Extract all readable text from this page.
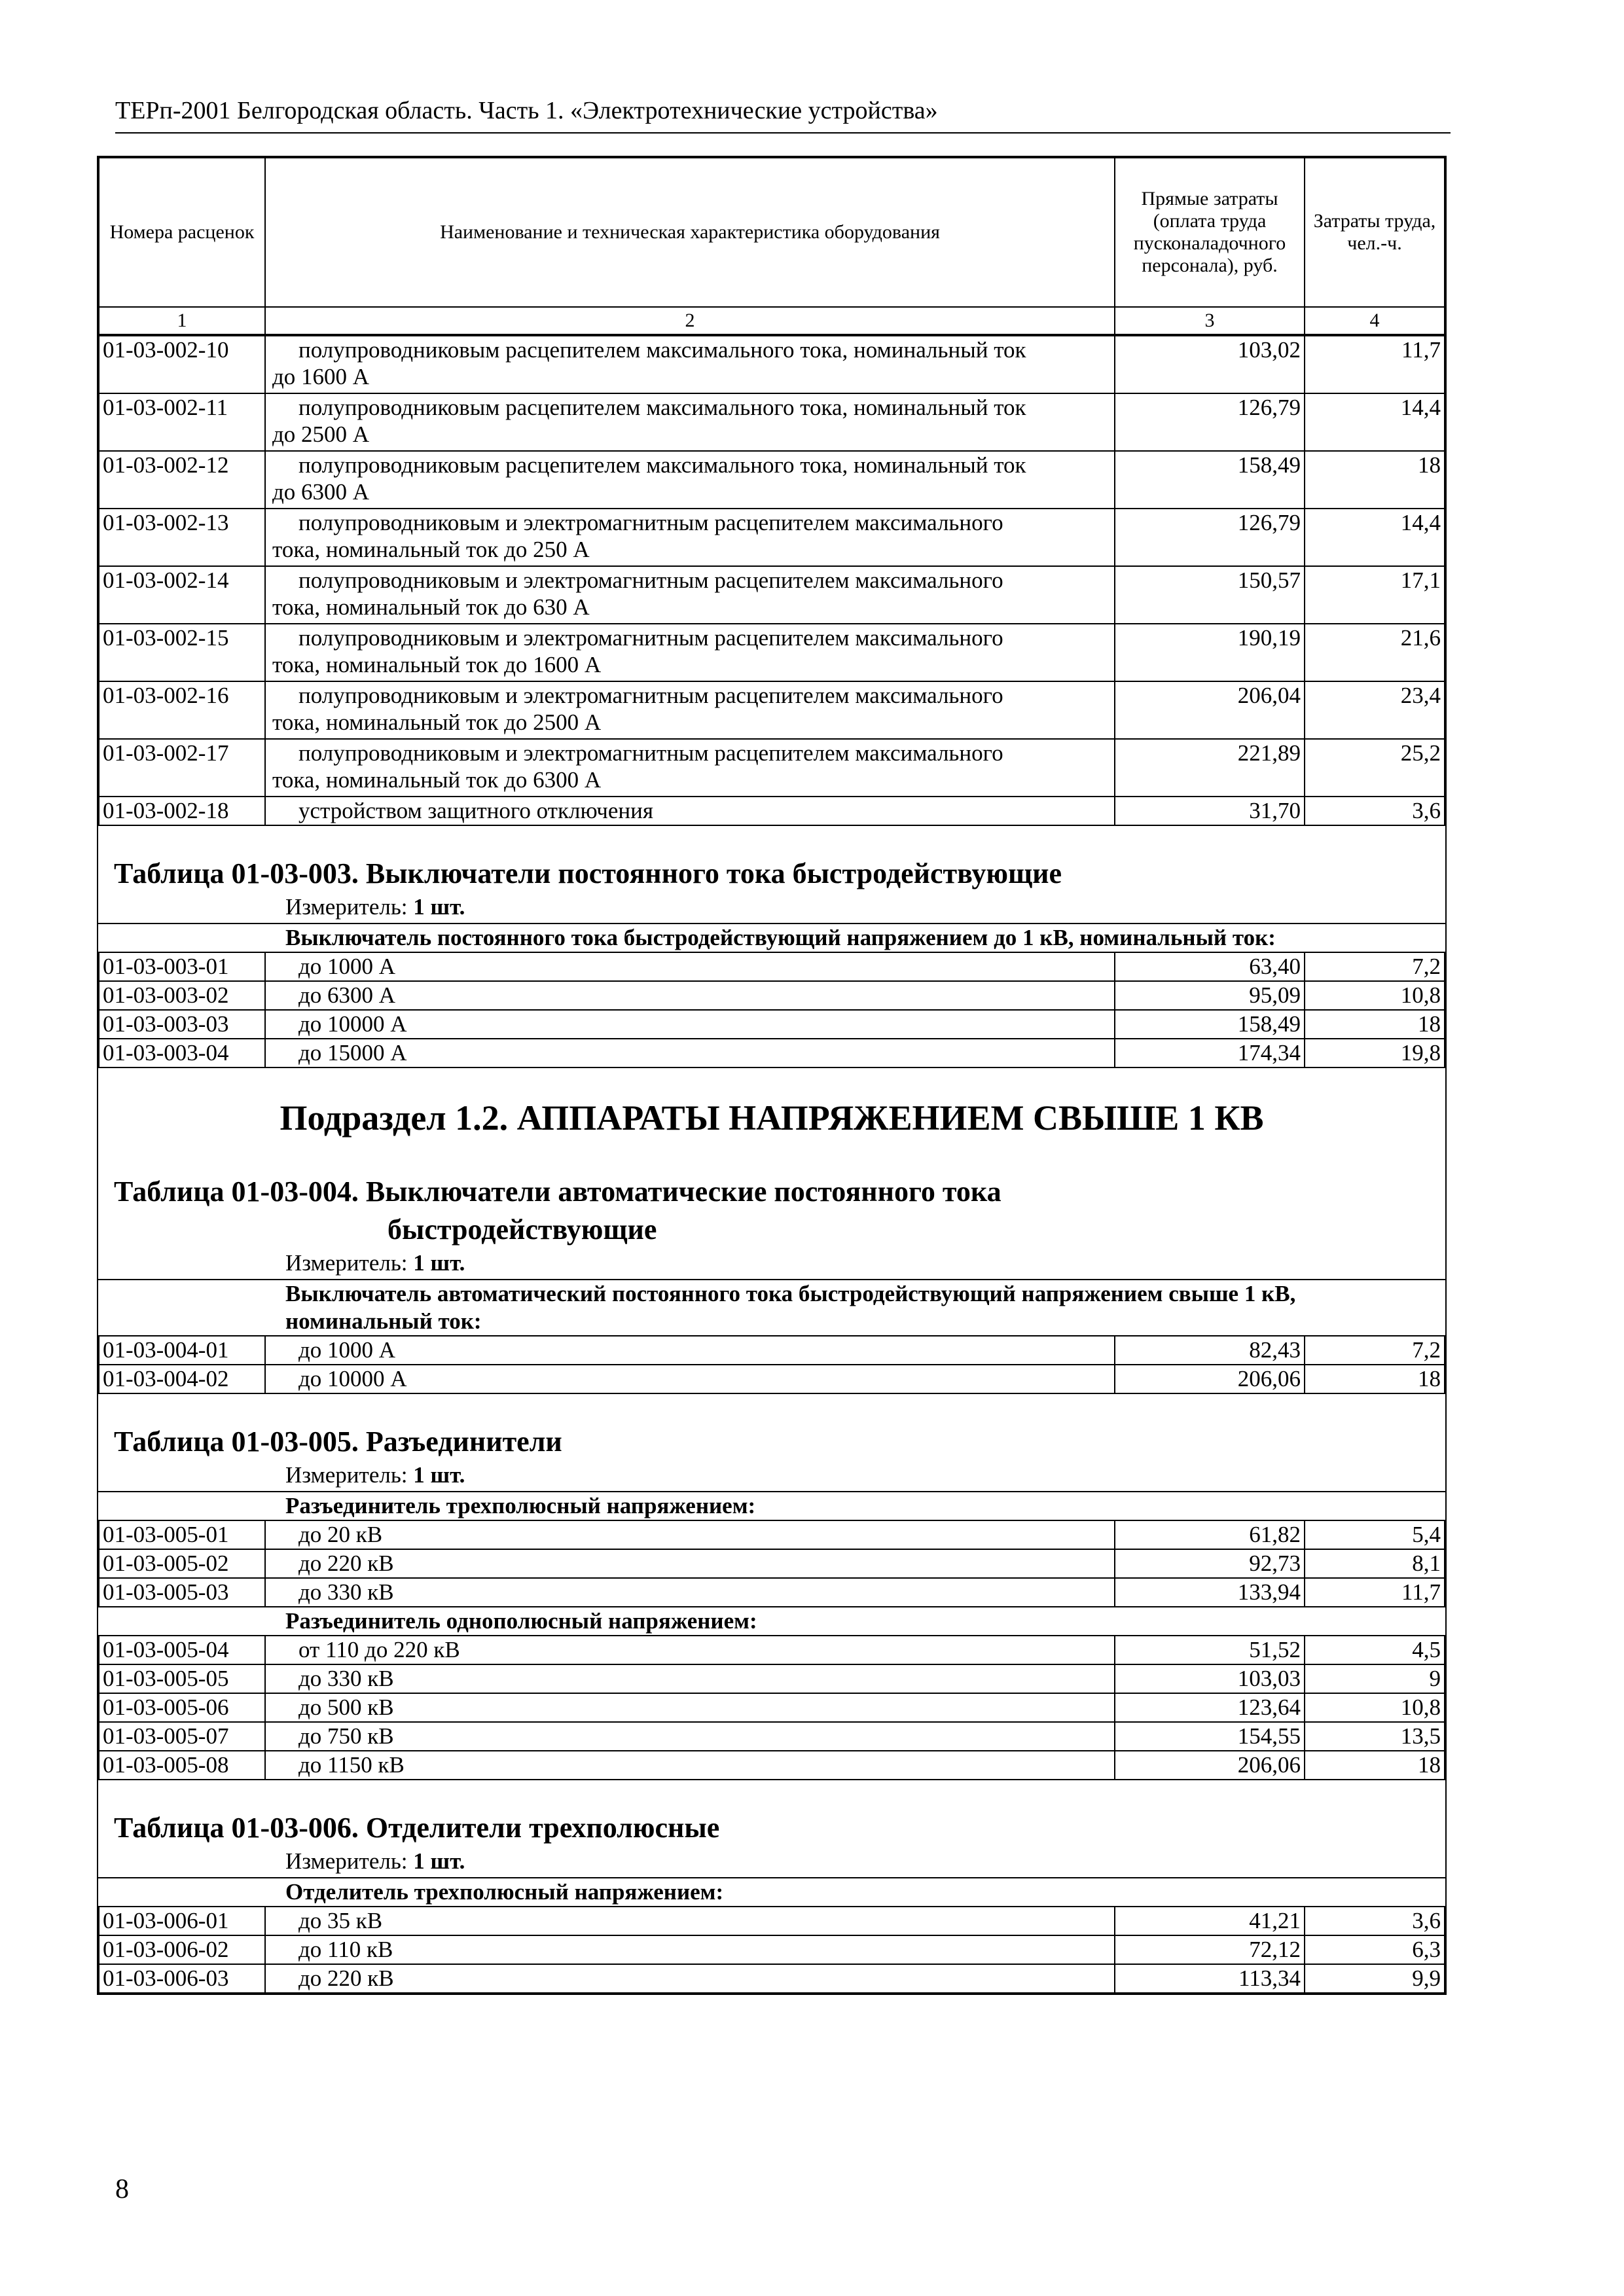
ТЕРп-2001 Белгородская область. Часть 1. «Электротехнические устройства»
Номера расценок	Наименование и техническая характеристика оборудования	Прямые затраты (оплата труда пусконаладочного персонала), руб.	Затраты труда, чел.-ч.
1	2	3	4
01-03-002-10	полупроводниковым расцепителем максимального тока, номинальный ток
до 1600 А	103,02	11,7
01-03-002-11	полупроводниковым расцепителем максимального тока, номинальный ток
до 2500 А	126,79	14,4
01-03-002-12	полупроводниковым расцепителем максимального тока, номинальный ток
до 6300 А	158,49	18
01-03-002-13	полупроводниковым и электромагнитным расцепителем максимального
тока, номинальный ток до 250 А	126,79	14,4
01-03-002-14	полупроводниковым и электромагнитным расцепителем максимального
тока, номинальный ток до 630 А	150,57	17,1
01-03-002-15	полупроводниковым и электромагнитным расцепителем максимального
тока, номинальный ток до 1600 А	190,19	21,6
01-03-002-16	полупроводниковым и электромагнитным расцепителем максимального
тока, номинальный ток до 2500 А	206,04	23,4
01-03-002-17	полупроводниковым и электромагнитным расцепителем максимального
тока, номинальный ток до 6300 А	221,89	25,2
01-03-002-18	устройством защитного отключения	31,70	3,6
Таблица 01-03-003. Выключатели постоянного тока быстродействующие
Измеритель: 1 шт.
Выключатель постоянного тока быстродействующий напряжением до 1 кВ, номинальный ток:
01-03-003-01	до 1000 А	63,40	7,2
01-03-003-02	до 6300 А	95,09	10,8
01-03-003-03	до 10000 А	158,49	18
01-03-003-04	до 15000 А	174,34	19,8
Подраздел 1.2. АППАРАТЫ НАПРЯЖЕНИЕМ СВЫШЕ 1 КВ
Таблица 01-03-004. Выключатели автоматические постоянного тока
быстродействующие
Измеритель: 1 шт.
Выключатель автоматический постоянного тока быстродействующий напряжением свыше 1 кВ,
номинальный ток:
01-03-004-01	до 1000 А	82,43	7,2
01-03-004-02	до 10000 А	206,06	18
Таблица 01-03-005. Разъединители
Измеритель: 1 шт.
Разъединитель трехполюсный напряжением:
01-03-005-01	до 20 кВ	61,82	5,4
01-03-005-02	до 220 кВ	92,73	8,1
01-03-005-03	до 330 кВ	133,94	11,7
Разъединитель однополюсный напряжением:
01-03-005-04	от 110 до 220 кВ	51,52	4,5
01-03-005-05	до 330 кВ	103,03	9
01-03-005-06	до 500 кВ	123,64	10,8
01-03-005-07	до 750 кВ	154,55	13,5
01-03-005-08	до 1150 кВ	206,06	18
Таблица 01-03-006. Отделители трехполюсные
Измеритель: 1 шт.
Отделитель трехполюсный напряжением:
01-03-006-01	до 35 кВ	41,21	3,6
01-03-006-02	до 110 кВ	72,12	6,3
01-03-006-03	до 220 кВ	113,34	9,9
8
